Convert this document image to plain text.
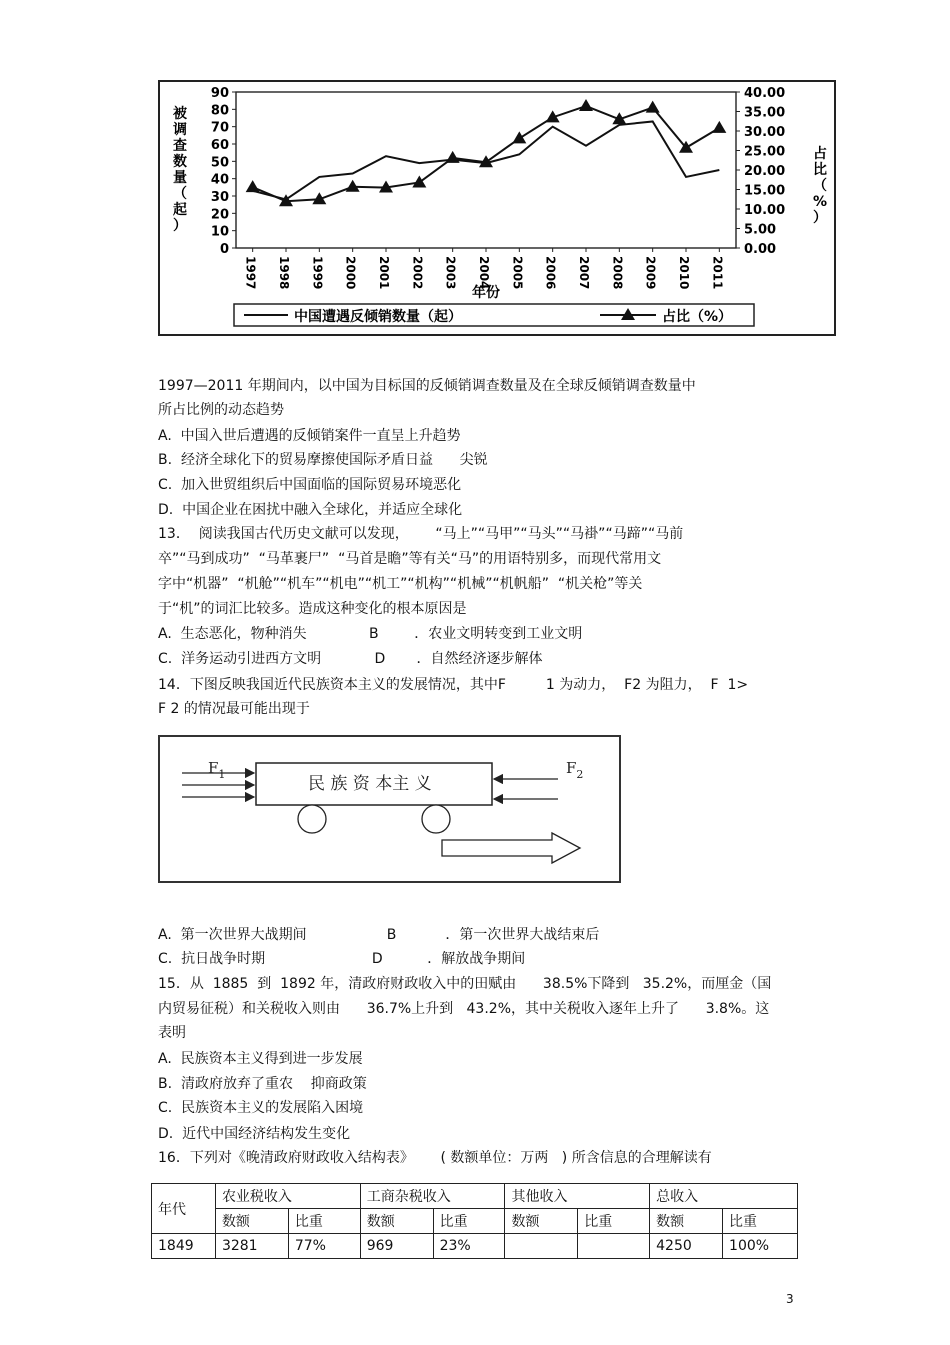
0
10
20
30
40
50
60
70
80
90
0.00
5.00
10.00
15.00
20.00
25.00
30.00
35.00
40.00
1997 1998 1999 2000 2001 2002 2003 2004 2005 2006 2007 2008 2009 2010 2011
被调查数量（起）
占比（%）
年份
中国遭遇反倾销数量（起）	占比（%）
1997—2011 年期间内，以中国为目标国的反倾销调查数量及在全球反倾销调查数量中
所占比例的动态趋势
A.  中国入世后遭遇的反倾销案件一直呈上升趋势
B.  经济全球化下的贸易摩擦使国际矛盾日益      尖锐
C.  加入世贸组织后中国面临的国际贸易环境恶化
D.  中国企业在困扰中融入全球化，并适应全球化
13．  阅读我国古代历史文献可以发现，      “马上”“马甲”“马头”“马褂”“马蹄”“马前
卒”“马到成功”  “马革裹尸”  “马首是瞻”等有关“马”的用语特别多，而现代常用文
字中“机器”  “机舱”“机车”“机电”“机工”“机构”“机械”“机帆船”  “机关枪”等关
于“机”的词汇比较多。造成这种变化的根本原因是
A.  生态恶化，物种消失              B        ．农业文明转变到工业文明
C.  洋务运动引进西方文明            D       ．自然经济逐步解体
14．下图反映我国近代民族资本主义的发展情况，其中F         1 为动力，  F2 为阻力，  F  1>
F 2 的情况最可能出现于
民 族 资 本主 义
$F_1$	$F_2$
A.  第一次世界大战期间                  B           ．第一次世界大战结束后
C.  抗日战争时期                        D          ．解放战争期间
15．从  1885  到  1892 年，清政府财政收入中的田赋由      38.5%下降到   35.2%，而厘金（国
内贸易征税）和关税收入则由      36.7%上升到   43.2%，其中关税收入逐年上升了      3.8%。这
表明
A.  民族资本主义得到进一步发展
B.  清政府放弃了重农    抑商政策
C.  民族资本主义的发展陷入困境
D.  近代中国经济结构发生变化
16．下列对《晚清政府财政收入结构表》      ( 数额单位：万两   ) 所含信息的合理解读有
年代	农业税收入		工商杂税收入		其他收入		总收入	
	数额	比重	数额	比重	数额	比重	数额	比重
1849	3281	77%	969	23%			4250	100%
3
